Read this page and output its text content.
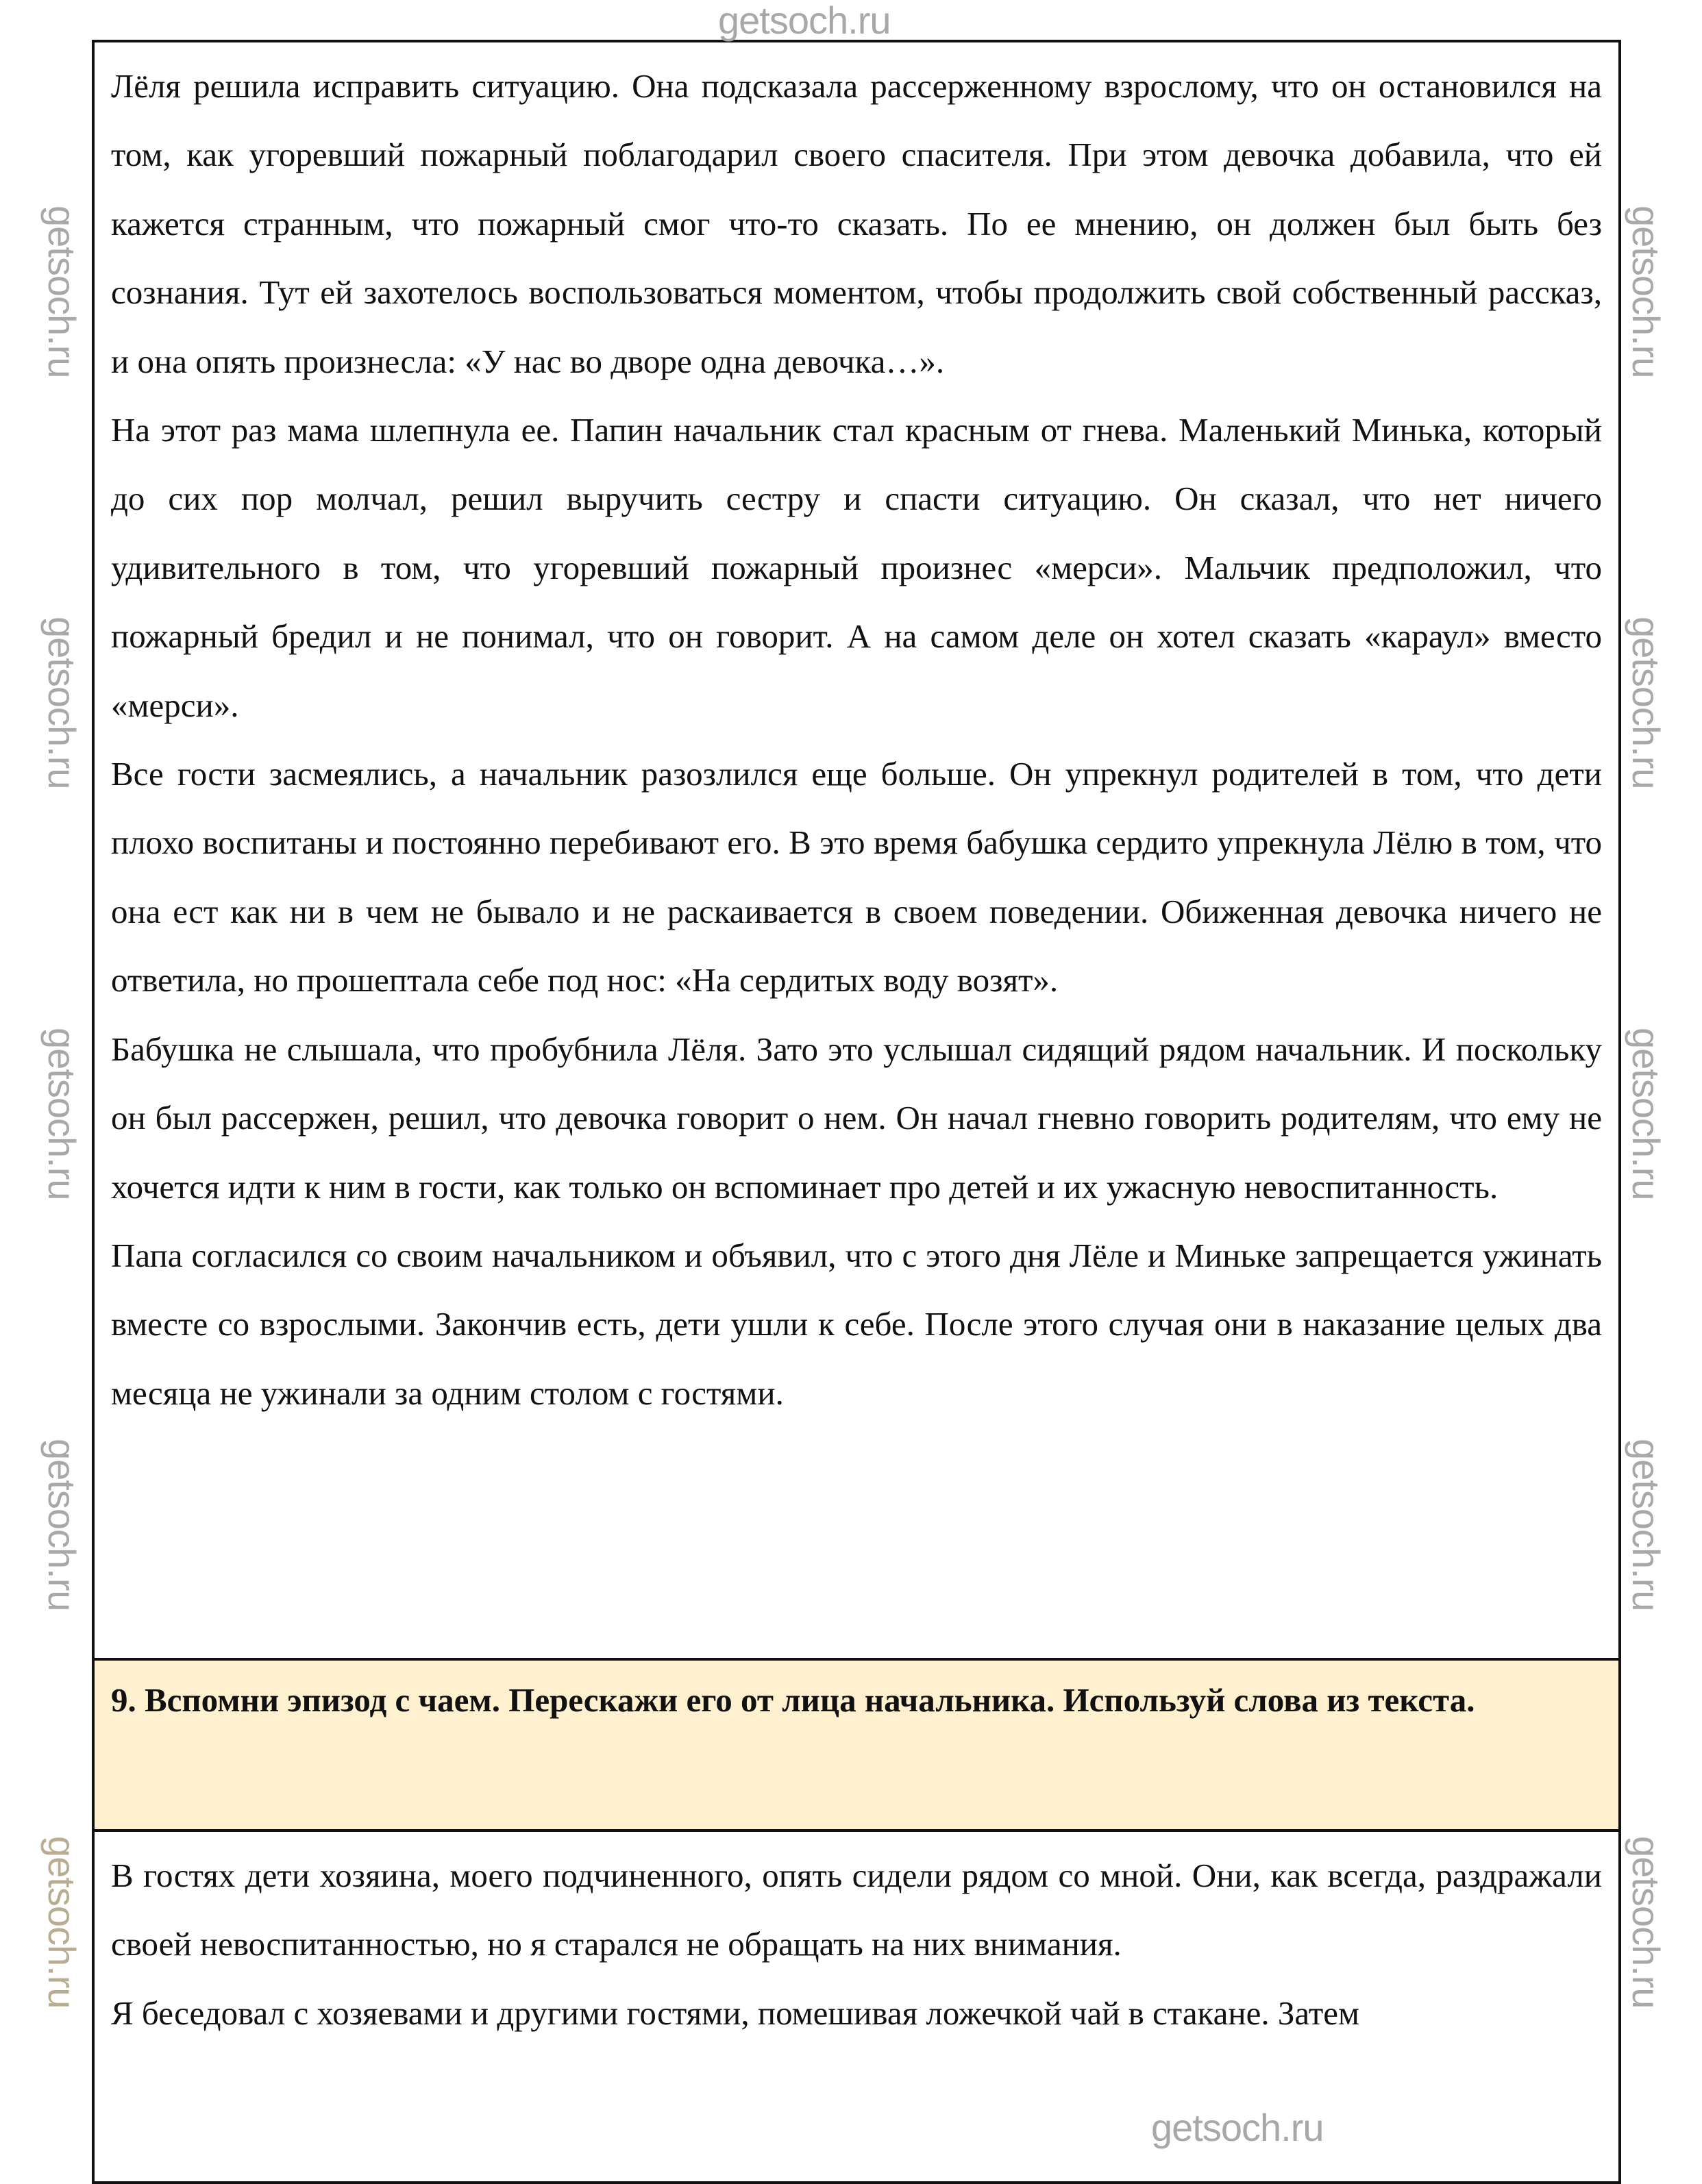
Лёля решила исправить ситуацию. Она подсказала рассерженному взрослому, что он остановился на том, как угоревший пожарный поблагодарил своего спасителя. При этом девочка добавила, что ей кажется странным, что пожарный смог что-то сказать. По ее мнению, он должен был быть без сознания. Тут ей захотелось воспользоваться моментом, чтобы продолжить свой собственный рассказ, и она опять произнесла: «У нас во дворе одна девочка…».

На этот раз мама шлепнула ее. Папин начальник стал красным от гнева. Маленький Минька, который до сих пор молчал, решил выручить сестру и спасти ситуацию. Он сказал, что нет ничего удивительного в том, что угоревший пожарный произнес «мерси». Мальчик предположил, что пожарный бредил и не понимал, что он говорит. А на самом деле он хотел сказать «караул» вместо «мерси».

Все гости засмеялись, а начальник разозлился еще больше. Он упрекнул родителей в том, что дети плохо воспитаны и постоянно перебивают его. В это время бабушка сердито упрекнула Лёлю в том, что она ест как ни в чем не бывало и не раскаивается в своем поведении. Обиженная девочка ничего не ответила, но прошептала себе под нос: «На сердитых воду возят».

Бабушка не слышала, что пробубнила Лёля. Зато это услышал сидящий рядом начальник. И поскольку он был рассержен, решил, что девочка говорит о нем. Он начал гневно говорить родителям, что ему не хочется идти к ним в гости, как только он вспоминает про детей и их ужасную невоспитанность.

Папа согласился со своим начальником и объявил, что с этого дня Лёле и Миньке запрещается ужинать вместе со взрослыми. Закончив есть, дети ушли к себе. После этого случая они в наказание целых два месяца не ужинали за одним столом с гостями.

9. Вспомни эпизод с чаем. Перескажи его от лица начальника. Используй слова из текста.

В гостях дети хозяина, моего подчиненного, опять сидели рядом со мной. Они, как всегда, раздражали своей невоспитанностью, но я старался не обращать на них внимания.

Я беседовал с хозяевами и другими гостями, помешивая ложечкой чай в стакане. Затем

getsoch.ru
getsoch.ru
getsoch.ru
getsoch.ru
getsoch.ru
getsoch.ru
getsoch.ru
getsoch.ru
getsoch.ru
getsoch.ru	getsoch.ru
getsoch.ru
